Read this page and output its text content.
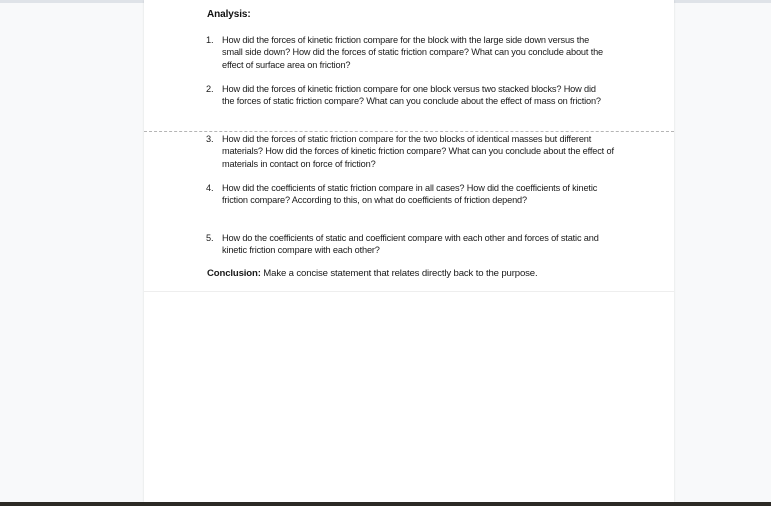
Analysis:
1. How did the forces of kinetic friction compare for the block with the large side down versus the small side down? How did the forces of static friction compare? What can you conclude about the effect of surface area on friction?
2. How did the forces of kinetic friction compare for one block versus two stacked blocks? How did the forces of static friction compare? What can you conclude about the effect of mass on friction?
3. How did the forces of static friction compare for the two blocks of identical masses but different materials? How did the forces of kinetic friction compare? What can you conclude about the effect of materials in contact on force of friction?
4. How did the coefficients of static friction compare in all cases? How did the coefficients of kinetic friction compare? According to this, on what do coefficients of friction depend?
5. How do the coefficients of static and coefficient compare with each other and forces of static and kinetic friction compare with each other?
Conclusion: Make a concise statement that relates directly back to the purpose.
